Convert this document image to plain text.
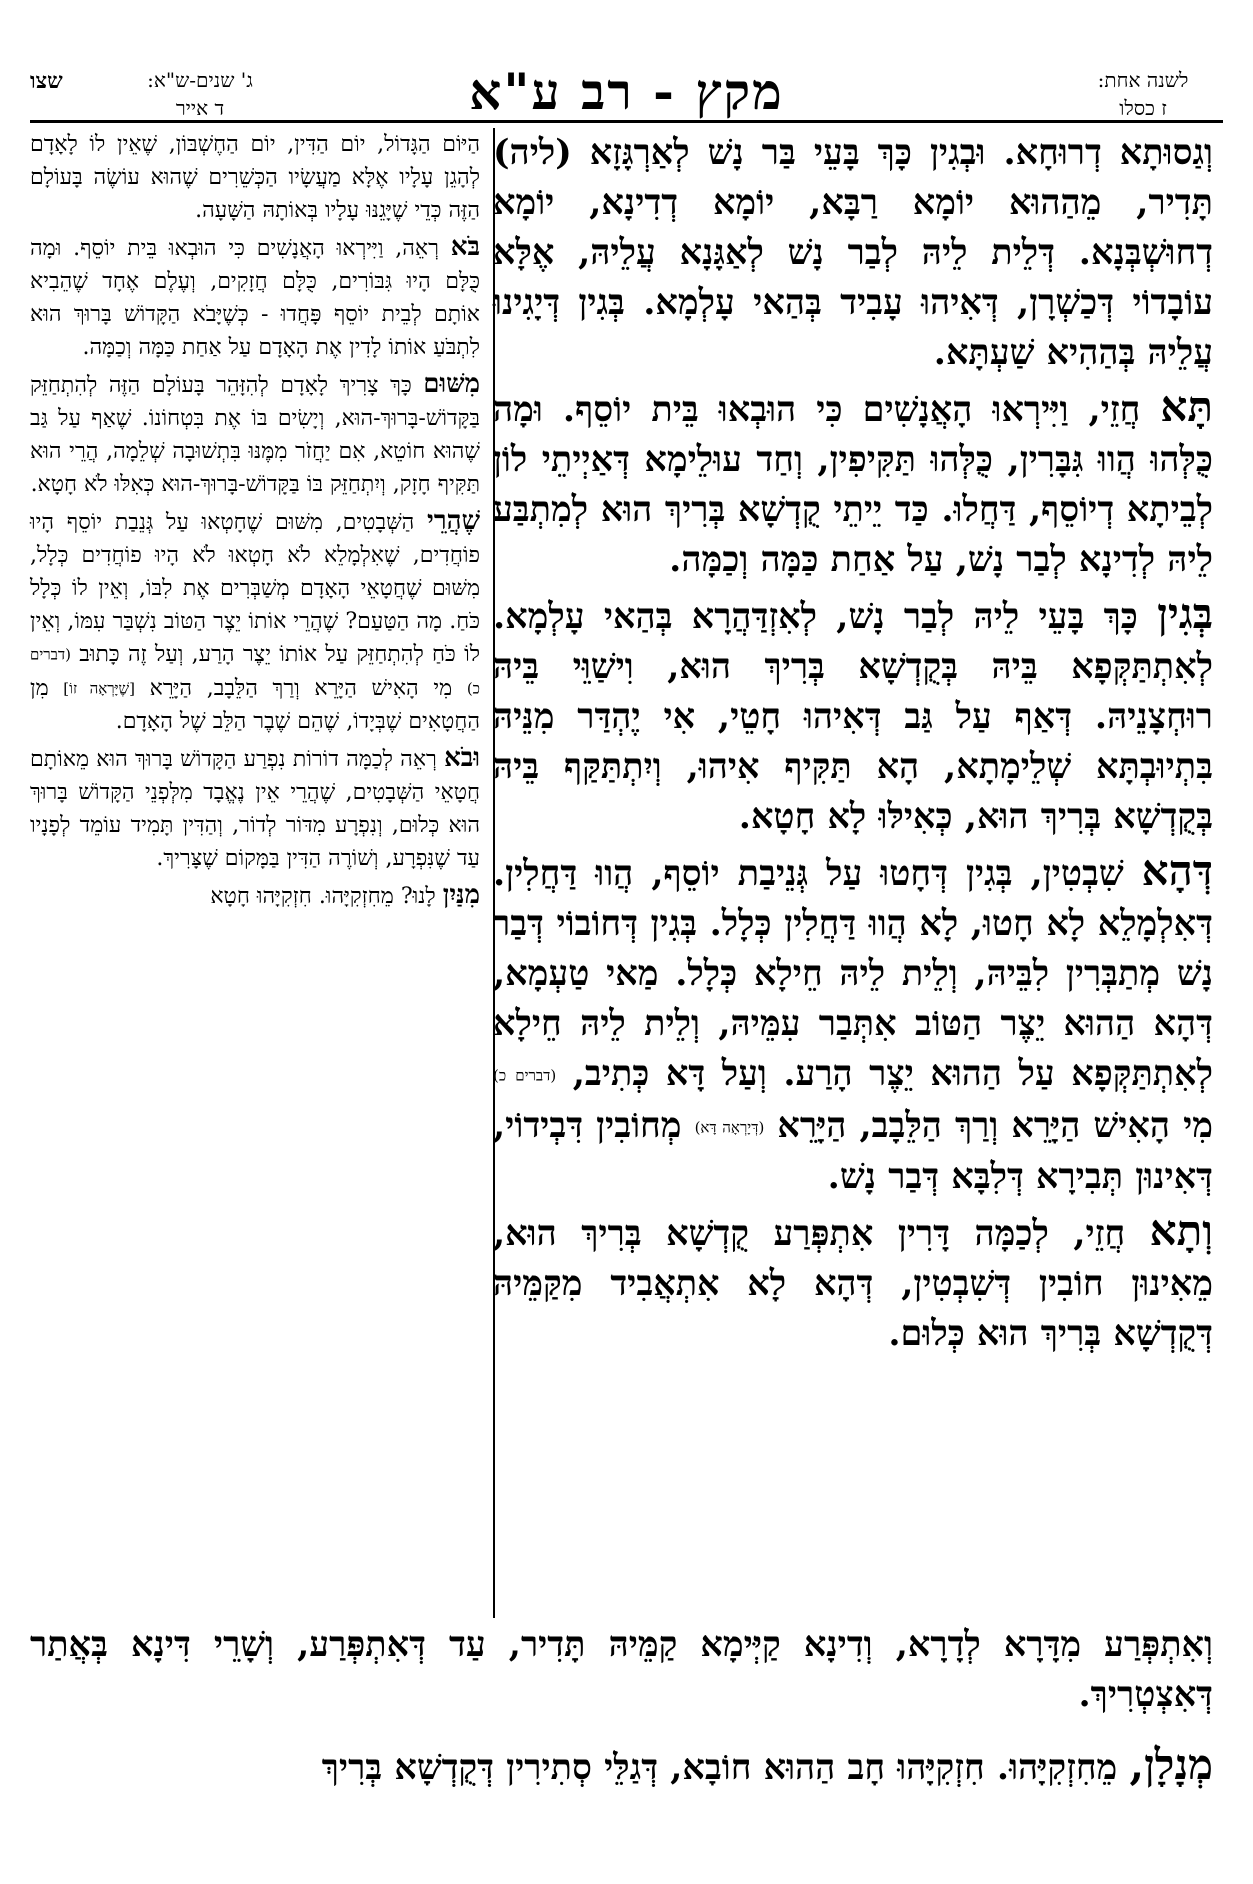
לשנה אחת:
ז כסלו
מקץ - רב ע"א
ג' שנים-ש"א:
ד אייר
שצו

וְגַסוּתָא דְרוּחָא. וּבְגִין כָּךְ בָּעֵי בַּר נָשׁ לְאַרְגָּזָא (ליה) תָּדִיר, מֵהַהוּא יוֹמָא רַבָּא, יוֹמָא דְדִינָא, יוֹמָא דְחוּשְׁבְּנָא. דְּלֵית לֵיהּ לְבַר נָשׁ לְאַגָּנָא עֲלֵיהּ, אֶלָּא עוֹבָדוֹי דְּכַשְׁרָן, דְּאִיהוּ עָבִיד בְּהַאי עָלְמָא. בְּגִין דְּיָגִינוּ עֲלֵיהּ בְּהַהִיא שַׁעְתָּא.

תָּא חֲזֵי, וַיִּירְאוּ הָאֲנָשִׁים כִּי הוּבְאוּ בֵּית יוֹסֵף. וּמָה כֻּלְּהוּ הֲווּ גִּבָּרִין, כֻּלְּהוּ תַּקִּיפִין, וְחַד עוּלֵימָא דְּאַיְיתֵי לוֹן לְבֵיתָא דְיוֹסֵף, דַּחֲלוּ. כַּד יֵיתֵי קֻדְשָׁא בְּרִיךְ הוּא לְמִתְבַּע לֵיהּ לְדִינָא לְבַר נָשׁ, עַל אַחַת כַּמָּה וְכַמָּה.

בְּגִין כָּךְ בָּעֵי לֵיהּ לְבַר נָשׁ, לְאִזְדַּהֲרָא בְּהַאי עָלְמָא. לְאִתְתַּקְּפָא בֵּיהּ בְּקֻדְשָׁא בְּרִיךְ הוּא, וִישַׁוֵּי בֵּיהּ רוּחְצָנֵיהּ. דְּאַף עַל גַּב דְּאִיהוּ חָטֵי, אִי יֶהְדַּר מִנֵּיהּ בִּתְיוּבְתָּא שְׁלֵימָתָא, הָא תַּקִּיף אִיהוּ, וְיִתְתַּקַּף בֵּיהּ בְּקֻדְשָׁא בְּרִיךְ הוּא, כְּאִילּוּ לָא חָטָא.

דְּהָא שִׁבְטִין, בְּגִין דְּחָטוּ עַל גְּנֵיבַת יוֹסֵף, הֲווּ דַּחֲלִין. דְּאִלְמָלֵא לָא חָטוּ, לָא הֲווּ דַּחֲלִין כְּלָל. בְּגִין דְּחוֹבוֹי דְּבַר נָשׁ מְתַבְּרִין לִבֵּיהּ, וְלֵית לֵיהּ חֵילָא כְּלָל. מַאי טַעְמָא, דְּהָא הַהוּא יֵצֶר הַטּוֹב אִתְּבַר עִמֵּיהּ, וְלֵית לֵיהּ חֵילָא לְאִתְתַּקְּפָא עַל הַהוּא יֵצֶר הָרַע. וְעַל דָּא כְּתִיב, (דברים כ) מִי הָאִישׁ הַיָּרֵא וְרַךְ הַלֵּבָב, הַיָּרֵא (דְּיָרְאָה דָּא) מְחוֹבִין דִּבְידוֹי, דְּאִינוּן תְּבִירָא דְּלִבָּא דְּבַר נָשׁ.

וְתָא חֲזֵי, לְכַמָּה דָּרִין אִתְפְּרַע קֻדְשָׁא בְּרִיךְ הוּא, מֵאִינוּן חוֹבִין דְּשִׁבְטִין, דְּהָא לָא אִתְאֲבִיד מִקַּמֵּיהּ דְּקֻדְשָׁא בְּרִיךְ הוּא כְּלוּם.

הַיּוֹם הַגָּדוֹל, יוֹם הַדִּין, יוֹם הַחֶשְׁבּוֹן, שֶׁאֵין לוֹ לָאָדָם לְהָגֵן עָלָיו אֶלָּא מַעֲשָׂיו הַכְּשֵׁרִים שֶׁהוּא עוֹשֶׂה בָּעוֹלָם הַזֶּה כְּדֵי שֶׁיָּגֵנּוּ עָלָיו בְּאוֹתָהּ הַשָּׁעָה.

בֹּא רְאֵה, וַיִּירְאוּ הָאֲנָשִׁים כִּי הוּבְאוּ בֵּית יוֹסֵף. וּמָה כֻּלָּם הָיוּ גִּבּוֹרִים, כֻּלָּם חֲזָקִים, וְעֶלֶם אֶחָד שֶׁהֵבִיא אוֹתָם לְבֵית יוֹסֵף פָּחֲדוּ - כְּשֶׁיָּבֹא הַקָּדוֹשׁ בָּרוּךְ הוּא לִתְבֹּעַ אוֹתוֹ לָדִין אֶת הָאָדָם עַל אַחַת כַּמָּה וְכַמָּה.

מִשּׁוּם כָּךְ צָרִיךְ לָאָדָם לְהִזָּהֵר בָּעוֹלָם הַזֶּה לְהִתְחַזֵּק בַּקָּדוֹשׁ-בָּרוּךְ-הוּא, וְיָשִׂים בּוֹ אֶת בִּטְחוֹנוֹ. שֶׁאַף עַל גַּב שֶׁהוּא חוֹטֵא, אִם יַחֲזֹר מִמֶּנּוּ בִּתְשׁוּבָה שְׁלֵמָה, הֲרֵי הוּא תַּקִּיף חָזָק, וְיִתְחַזֵּק בּוֹ בַּקָּדוֹשׁ-בָּרוּךְ-הוּא כְּאִלּוּ לֹא חָטָא.

שֶׁהֲרֵי הַשְּׁבָטִים, מִשּׁוּם שֶׁחָטְאוּ עַל גְּנֵבַת יוֹסֵף הָיוּ פוֹחֲדִים, שֶׁאִלְמָלֵא לֹא חָטְאוּ לֹא הָיוּ פוֹחֲדִים כְּלָל, מִשּׁוּם שֶׁחֲטָאֵי הָאָדָם מְשַׁבְּרִים אֶת לִבּוֹ, וְאֵין לוֹ כְּלָל כֹּחַ. מָה הַטַּעַם? שֶׁהֲרֵי אוֹתוֹ יֵצֶר הַטּוֹב נִשְׁבַּר עִמּוֹ, וְאֵין לוֹ כֹּחַ לְהִתְחַזֵּק עַל אוֹתוֹ יֵצֶר הָרַע, וְעַל זֶה כָּתוּב (דברים כ) מִי הָאִישׁ הַיָּרֵא וְרַךְ הַלֵּבָב, הַיָּרֵא [שֶׁיָּרְאָה זוֹ] מִן הַחֲטָאִים שֶׁבְּיָדוֹ, שֶׁהֵם שֶׁבֶר הַלֵּב שֶׁל הָאָדָם.

וּבֹא רְאֵה לְכַמָּה דוֹרוֹת נִפְרַע הַקָּדוֹשׁ בָּרוּךְ הוּא מֵאוֹתָם חֲטָאֵי הַשְּׁבָטִים, שֶׁהֲרֵי אֵין נֶאֱבָד מִלְּפְנֵי הַקָּדוֹשׁ בָּרוּךְ הוּא כְּלוּם, וְנִפְרָע מִדּוֹר לְדוֹר, וְהַדִּין תָּמִיד עוֹמֵד לְפָנָיו עַד שֶׁנִּפְרָע, וְשׁוֹרֶה הַדִּין בַּמָּקוֹם שֶׁצָּרִיךְ.

מִנַּיִן לָנוּ? מֵחִזְקִיָּהוּ. חִזְקִיָּהוּ חָטָא

וְאִתְפְּרַע מִדָּרָא לְדָרָא, וְדִינָא קַיְּימָא קַמֵּיהּ תָּדִיר, עַד דְּאִתְפְּרַע, וְשָׁרֵי דִּינָא בְּאֲתַר דְּאִצְטְרִיךְ.
מְנָלָן, מֵחִזְקִיָּהוּ. חִזְקִיָּהוּ חָב הַהוּא חוֹבָא, דְּגַלֵּי סְתִירִין דְּקֻדְשָׁא בְּרִיךְ
